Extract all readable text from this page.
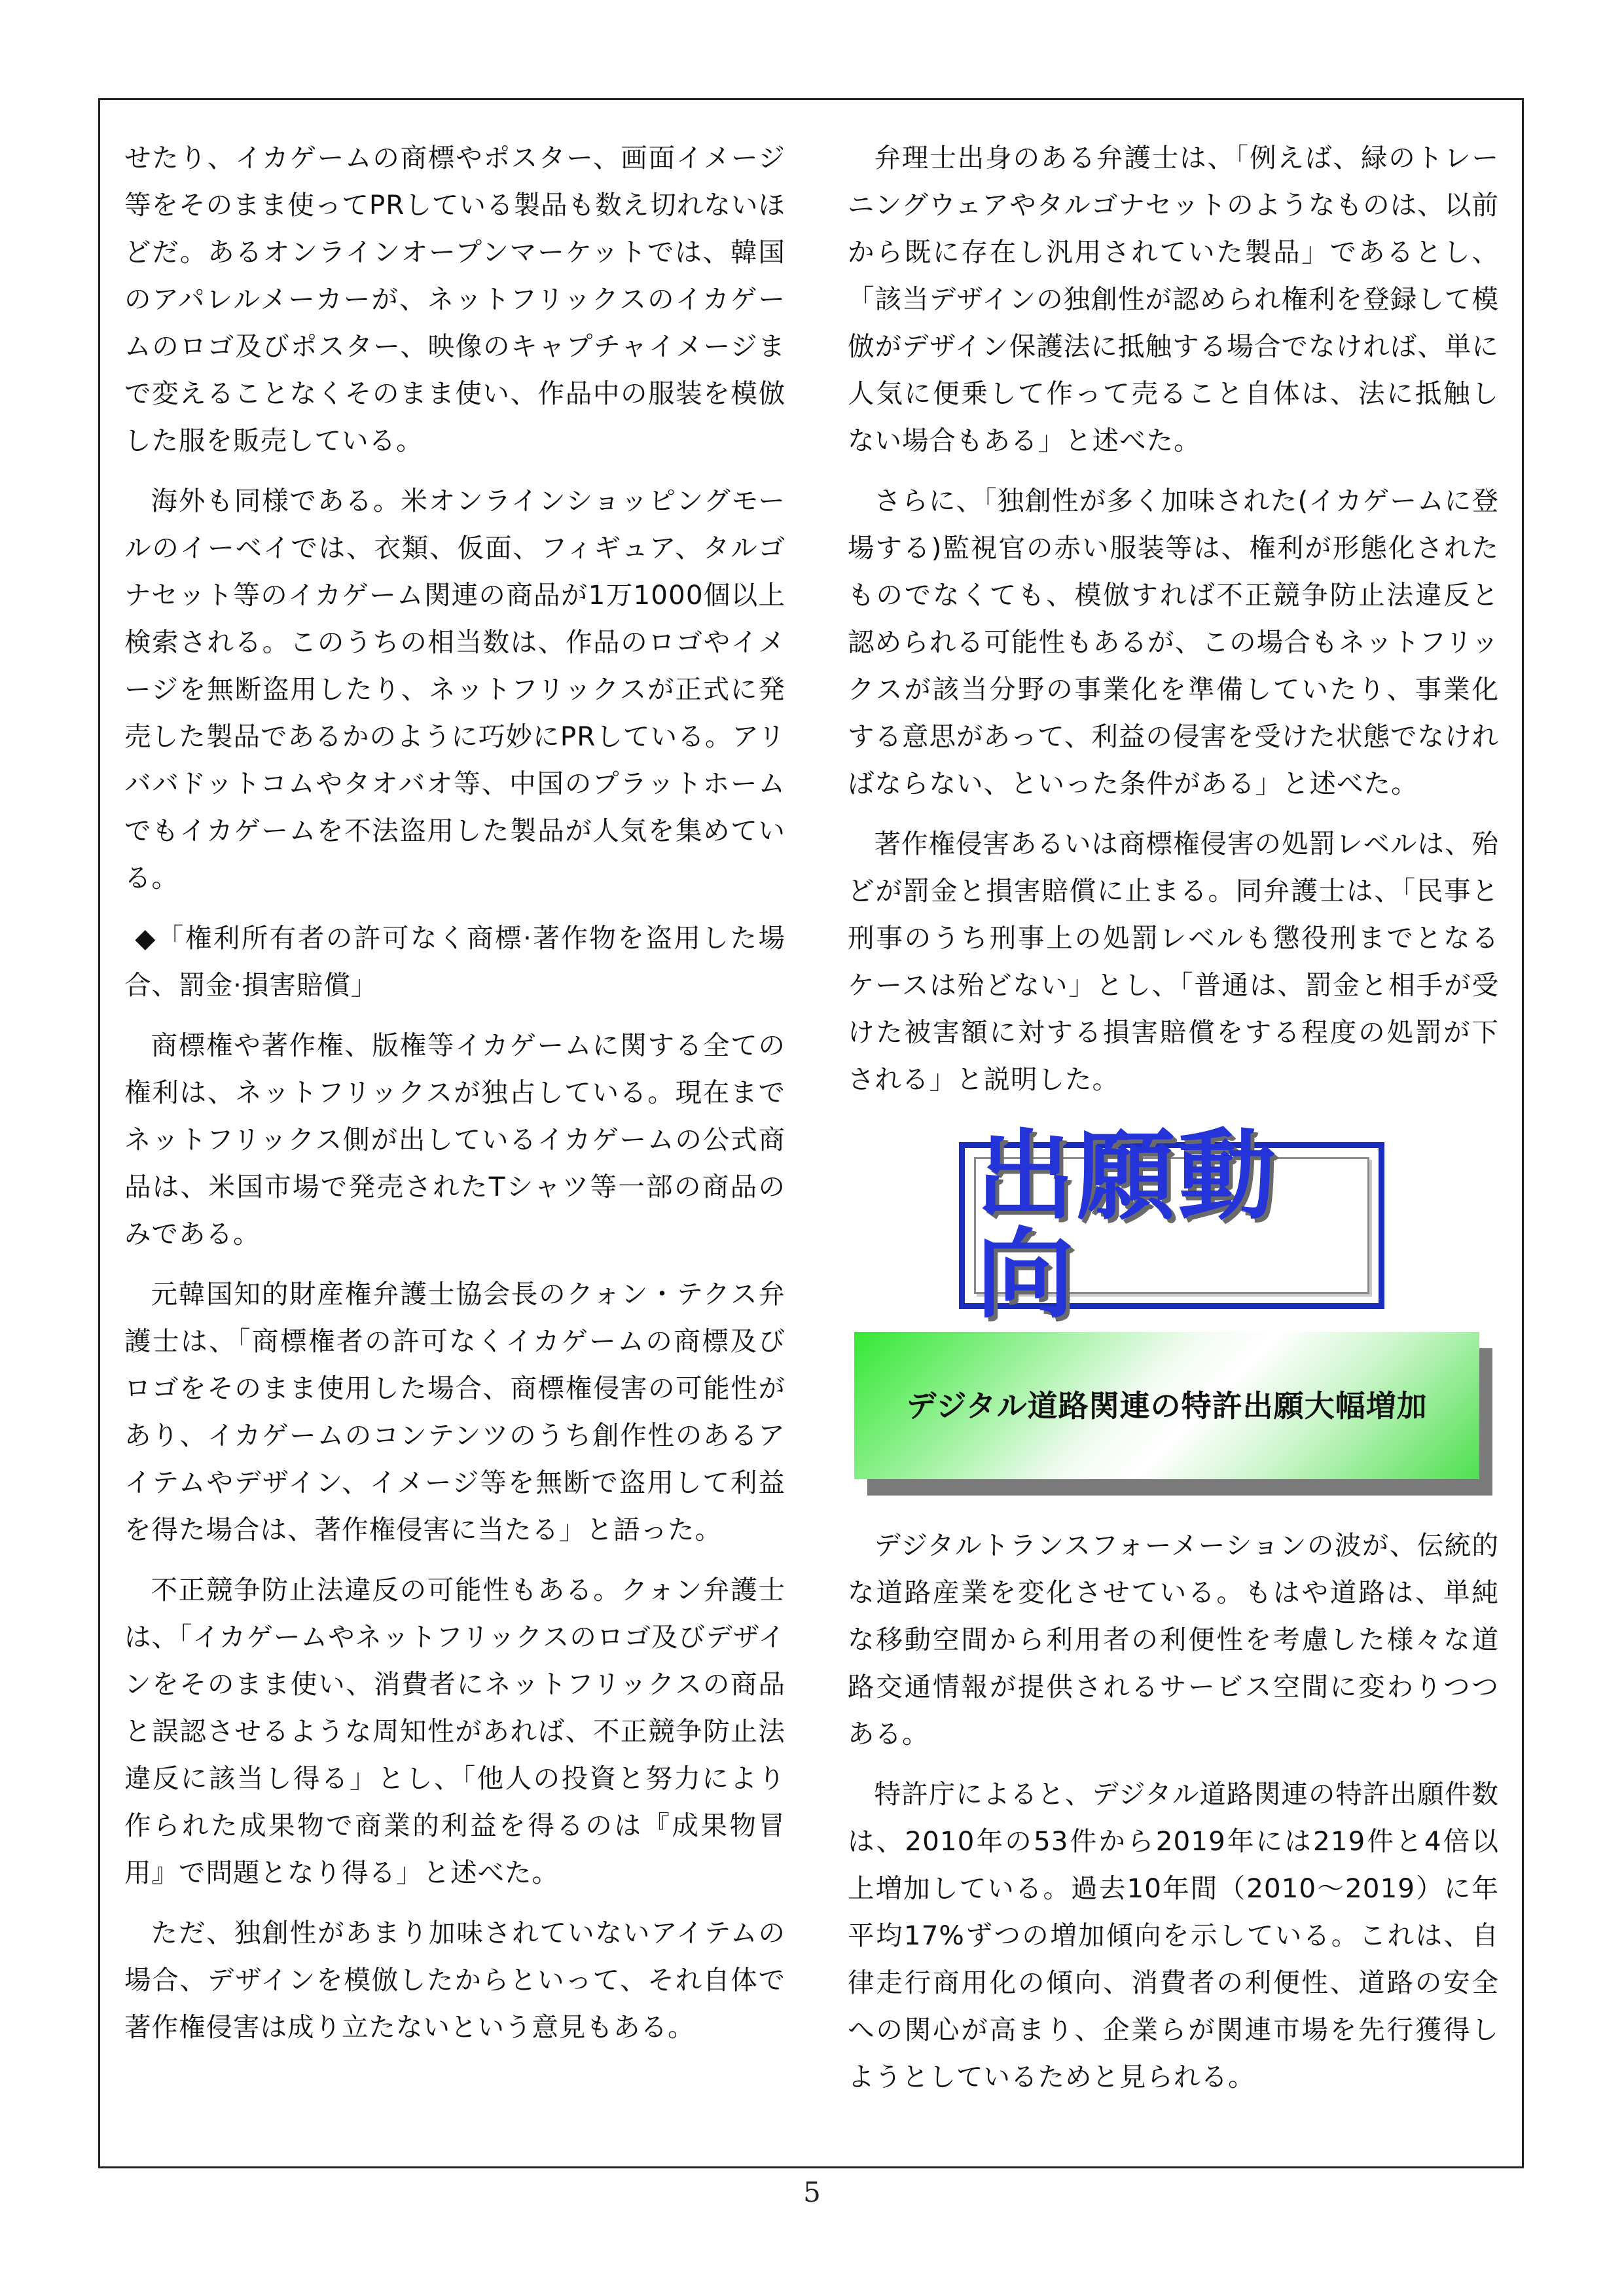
せたり、イカゲームの商標やポスター、画面イメージ等をそのまま使ってPRしている製品も数え切れないほどだ。あるオンラインオープンマーケットでは、韓国のアパレルメーカーが、ネットフリックスのイカゲームのロゴ及びポスター、映像のキャプチャイメージまで変えることなくそのまま使い、作品中の服装を模倣した服を販売している。

海外も同様である。米オンラインショッピングモールのイーベイでは、衣類、仮面、フィギュア、タルゴナセット等のイカゲーム関連の商品が1万1000個以上検索される。このうちの相当数は、作品のロゴやイメージを無断盗用したり、ネットフリックスが正式に発売した製品であるかのように巧妙にPRしている。アリババドットコムやタオバオ等、中国のプラットホームでもイカゲームを不法盗用した製品が人気を集めている。

◆「権利所有者の許可なく商標·著作物を盗用した場合、罰金·損害賠償」

商標権や著作権、版権等イカゲームに関する全ての権利は、ネットフリックスが独占している。現在までネットフリックス側が出しているイカゲームの公式商品は、米国市場で発売されたTシャツ等一部の商品のみである。

元韓国知的財産権弁護士協会長のクォン・テクス弁護士は、「商標権者の許可なくイカゲームの商標及びロゴをそのまま使用した場合、商標権侵害の可能性があり、イカゲームのコンテンツのうち創作性のあるアイテムやデザイン、イメージ等を無断で盗用して利益を得た場合は、著作権侵害に当たる」と語った。

不正競争防止法違反の可能性もある。クォン弁護士は、「イカゲームやネットフリックスのロゴ及びデザインをそのまま使い、消費者にネットフリックスの商品と誤認させるような周知性があれば、不正競争防止法違反に該当し得る」とし、「他人の投資と努力により作られた成果物で商業的利益を得るのは『成果物冒用』で問題となり得る」と述べた。

ただ、独創性があまり加味されていないアイテムの場合、デザインを模倣したからといって、それ自体で著作権侵害は成り立たないという意見もある。

弁理士出身のある弁護士は、「例えば、緑のトレーニングウェアやタルゴナセットのようなものは、以前から既に存在し汎用されていた製品」であるとし、「該当デザインの独創性が認められ権利を登録して模倣がデザイン保護法に抵触する場合でなければ、単に人気に便乗して作って売ること自体は、法に抵触しない場合もある」と述べた。

さらに、「独創性が多く加味された(イカゲームに登場する)監視官の赤い服装等は、権利が形態化されたものでなくても、模倣すれば不正競争防止法違反と認められる可能性もあるが、この場合もネットフリックスが該当分野の事業化を準備していたり、事業化する意思があって、利益の侵害を受けた状態でなければならない、といった条件がある」と述べた。

著作権侵害あるいは商標権侵害の処罰レベルは、殆どが罰金と損害賠償に止まる。同弁護士は、「民事と刑事のうち刑事上の処罰レベルも懲役刑までとなるケースは殆どない」とし、「普通は、罰金と相手が受けた被害額に対する損害賠償をする程度の処罰が下される」と説明した。

出願動向
デジタル道路関連の特許出願大幅増加

デジタルトランスフォーメーションの波が、伝統的な道路産業を変化させている。もはや道路は、単純な移動空間から利用者の利便性を考慮した様々な道路交通情報が提供されるサービス空間に変わりつつある。

特許庁によると、デジタル道路関連の特許出願件数は、2010年の53件から2019年には219件と4倍以上増加している。過去10年間（2010～2019）に年平均17%ずつの増加傾向を示している。これは、自律走行商用化の傾向、消費者の利便性、道路の安全への関心が高まり、企業らが関連市場を先行獲得しようとしているためと見られる。

5
